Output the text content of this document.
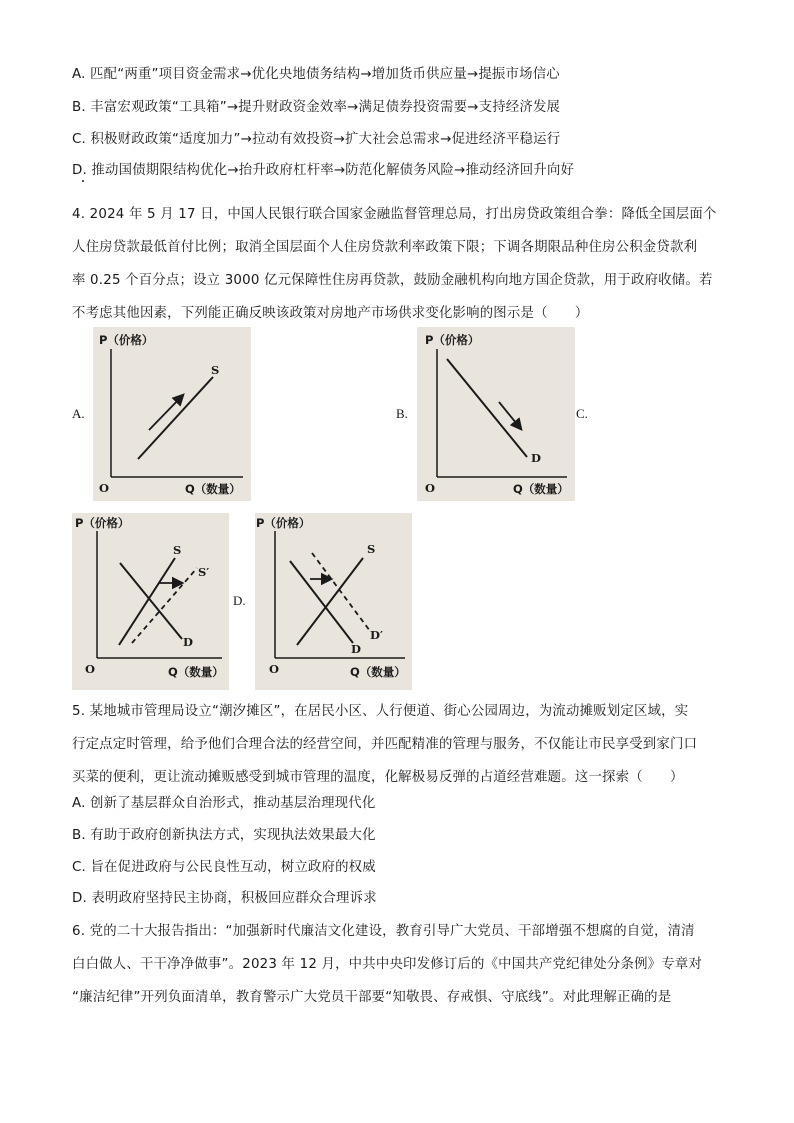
A. 匹配“两重”项目资金需求→优化央地债务结构→增加货币供应量→提振市场信心
B. 丰富宏观政策“工具箱”→提升财政资金效率→满足债券投资需要→支持经济发展
C. 积极财政政策“适度加力”→拉动有效投资→扩大社会总需求→促进经济平稳运行
D. 推动国债期限结构优化→抬升政府杠杆率→防范化解债务风险→推动经济回升向好
4. 2024 年 5 月 17 日，中国人民银行联合国家金融监督管理总局，打出房贷政策组合拳：降低全国层面个
人住房贷款最低首付比例；取消全国层面个人住房贷款利率政策下限；下调各期限品种住房公积金贷款利
率 0.25 个百分点；设立 3000 亿元保障性住房再贷款，鼓励金融机构向地方国企贷款，用于政府收储。若
不考虑其他因素，下列能正确反映该政策对房地产市场供求变化影响的图示是（　　）
A.	B.	C.
D.
P（价格）
Q（数量）
O
S
P（价格）
Q（数量）
O
D
P（价格）
Q（数量）
O
S
D
S′
P（价格）
Q（数量）
O
S
D
D′
5. 某地城市管理局设立“潮汐摊区”，在居民小区、人行便道、街心公园周边，为流动摊贩划定区域，实
行定点定时管理，给予他们合理合法的经营空间，并匹配精准的管理与服务，不仅能让市民享受到家门口
买菜的便利，更让流动摊贩感受到城市管理的温度，化解极易反弹的占道经营难题。这一探索（　　）
A. 创新了基层群众自治形式，推动基层治理现代化
B. 有助于政府创新执法方式，实现执法效果最大化
C. 旨在促进政府与公民良性互动，树立政府的权威
D. 表明政府坚持民主协商，积极回应群众合理诉求
6. 党的二十大报告指出：“加强新时代廉洁文化建设，教育引导广大党员、干部增强不想腐的自觉，清清
白白做人、干干净净做事”。2023 年 12 月，中共中央印发修订后的《中国共产党纪律处分条例》专章对
“廉洁纪律”开列负面清单，教育警示广大党员干部要“知敬畏、存戒惧、守底线”。对此理解正确的是
